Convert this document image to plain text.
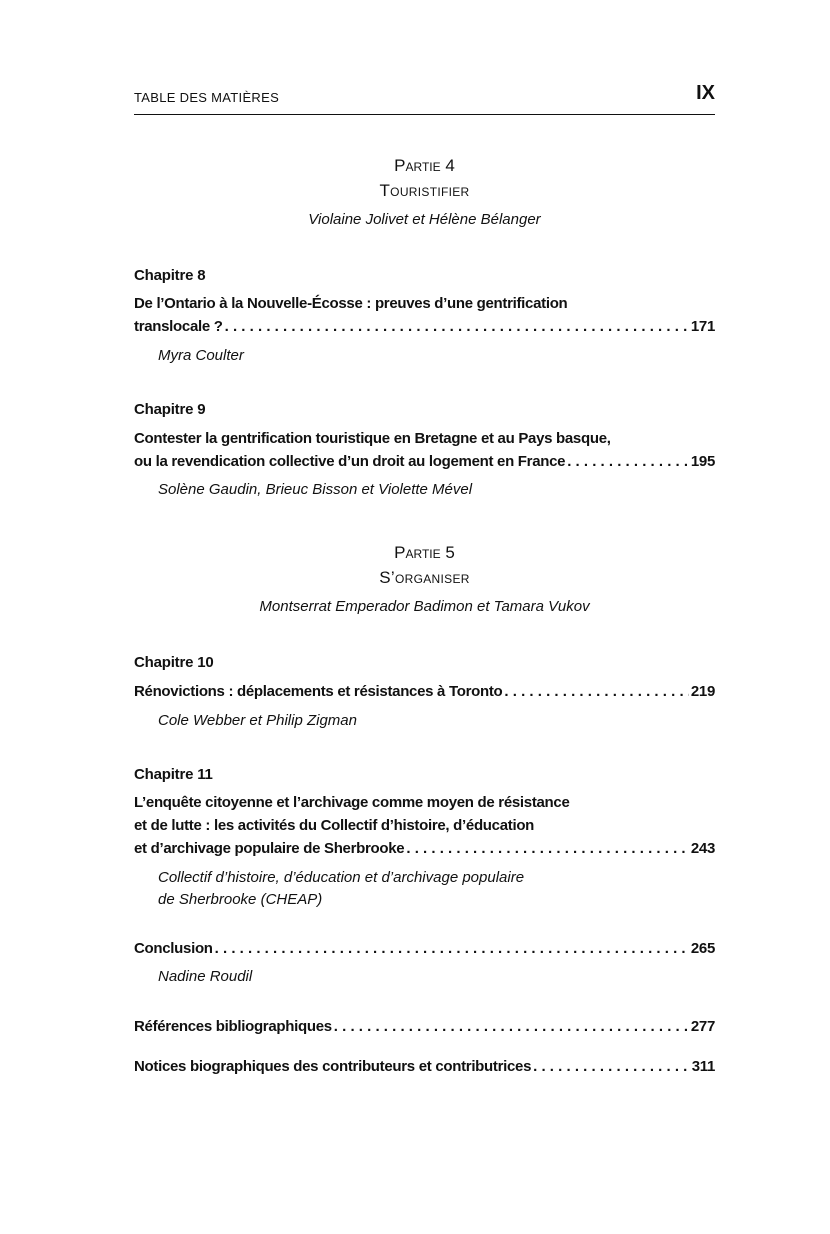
TABLE DES MATIÈRES	IX
Partie 4
Touristifier
Violaine Jolivet et Hélène Bélanger
Chapitre 8
De l’Ontario à la Nouvelle-Écosse : preuves d’une gentrification
translocale ? . . .	171
Myra Coulter
Chapitre 9
Contester la gentrification touristique en Bretagne et au Pays basque,
ou la revendication collective d’un droit au logement en France . . .	195
Solène Gaudin, Brieuc Bisson et Violette Mével
Partie 5
S’organiser
Montserrat Emperador Badimon et Tamara Vukov
Chapitre 10
Rénovictions : déplacements et résistances à Toronto . . .	219
Cole Webber et Philip Zigman
Chapitre 11
L’enquête citoyenne et l’archivage comme moyen de résistance
et de lutte : les activités du Collectif d’histoire, d’éducation
et d’archivage populaire de Sherbrooke . . .	243
Collectif d’histoire, d’éducation et d’archivage populaire
de Sherbrooke (CHEAP)
Conclusion . . .	265
Nadine Roudil
Références bibliographiques . . .	277
Notices biographiques des contributeurs et contributrices . . .	311
